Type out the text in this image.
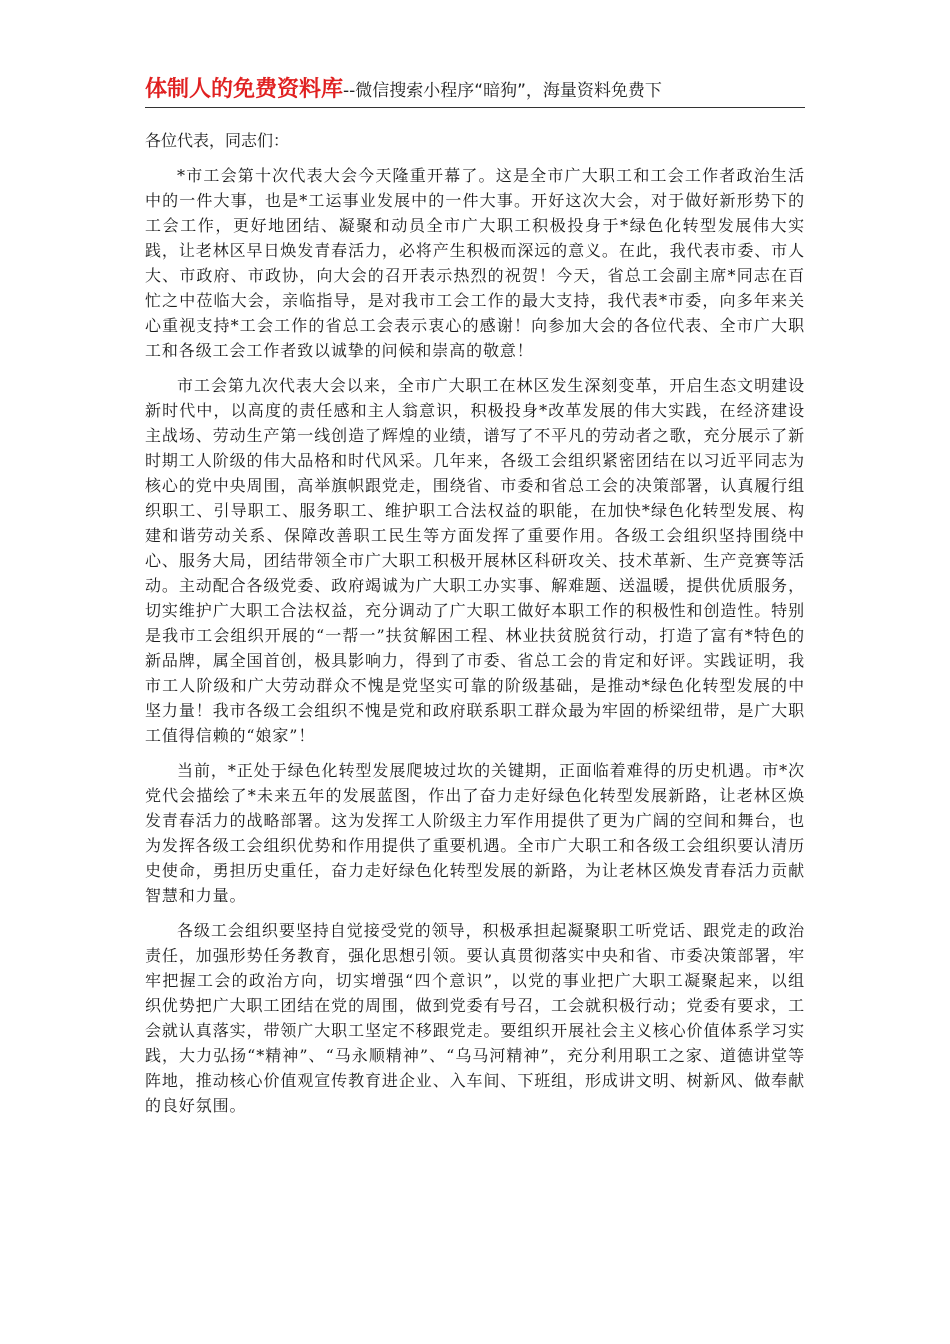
体制人的免费资料库--微信搜索小程序“暗狗”，海量资料免费下

各位代表，同志们：

*市工会第十次代表大会今天隆重开幕了。这是全市广大职工和工会工作者政治生活中的一件大事，也是*工运事业发展中的一件大事。开好这次大会，对于做好新形势下的工会工作，更好地团结、凝聚和动员全市广大职工积极投身于*绿色化转型发展伟大实践，让老林区早日焕发青春活力，必将产生积极而深远的意义。在此，我代表市委、市人大、市政府、市政协，向大会的召开表示热烈的祝贺！今天，省总工会副主席*同志在百忙之中莅临大会，亲临指导，是对我市工会工作的最大支持，我代表*市委，向多年来关心重视支持*工会工作的省总工会表示衷心的感谢！向参加大会的各位代表、全市广大职工和各级工会工作者致以诚挚的问候和崇高的敬意！

市工会第九次代表大会以来，全市广大职工在林区发生深刻变革，开启生态文明建设新时代中，以高度的责任感和主人翁意识，积极投身*改革发展的伟大实践，在经济建设主战场、劳动生产第一线创造了辉煌的业绩，谱写了不平凡的劳动者之歌，充分展示了新时期工人阶级的伟大品格和时代风采。几年来，各级工会组织紧密团结在以习近平同志为核心的党中央周围，高举旗帜跟党走，围绕省、市委和省总工会的决策部署，认真履行组织职工、引导职工、服务职工、维护职工合法权益的职能，在加快*绿色化转型发展、构建和谐劳动关系、保障改善职工民生等方面发挥了重要作用。各级工会组织坚持围绕中心、服务大局，团结带领全市广大职工积极开展林区科研攻关、技术革新、生产竞赛等活动。主动配合各级党委、政府竭诚为广大职工办实事、解难题、送温暖，提供优质服务，切实维护广大职工合法权益，充分调动了广大职工做好本职工作的积极性和创造性。特别是我市工会组织开展的“一帮一”扶贫解困工程、林业扶贫脱贫行动，打造了富有*特色的新品牌，属全国首创，极具影响力，得到了市委、省总工会的肯定和好评。实践证明，我市工人阶级和广大劳动群众不愧是党坚实可靠的阶级基础，是推动*绿色化转型发展的中坚力量！我市各级工会组织不愧是党和政府联系职工群众最为牢固的桥梁纽带，是广大职工值得信赖的“娘家”！

当前，*正处于绿色化转型发展爬坡过坎的关键期，正面临着难得的历史机遇。市*次党代会描绘了*未来五年的发展蓝图，作出了奋力走好绿色化转型发展新路，让老林区焕发青春活力的战略部署。这为发挥工人阶级主力军作用提供了更为广阔的空间和舞台，也为发挥各级工会组织优势和作用提供了重要机遇。全市广大职工和各级工会组织要认清历史使命，勇担历史重任，奋力走好绿色化转型发展的新路，为让老林区焕发青春活力贡献智慧和力量。

各级工会组织要坚持自觉接受党的领导，积极承担起凝聚职工听党话、跟党走的政治责任，加强形势任务教育，强化思想引领。要认真贯彻落实中央和省、市委决策部署，牢牢把握工会的政治方向，切实增强“四个意识”，以党的事业把广大职工凝聚起来，以组织优势把广大职工团结在党的周围，做到党委有号召，工会就积极行动；党委有要求，工会就认真落实，带领广大职工坚定不移跟党走。要组织开展社会主义核心价值体系学习实践，大力弘扬“*精神”、“马永顺精神”、“乌马河精神”，充分利用职工之家、道德讲堂等阵地，推动核心价值观宣传教育进企业、入车间、下班组，形成讲文明、树新风、做奉献的良好氛围。
